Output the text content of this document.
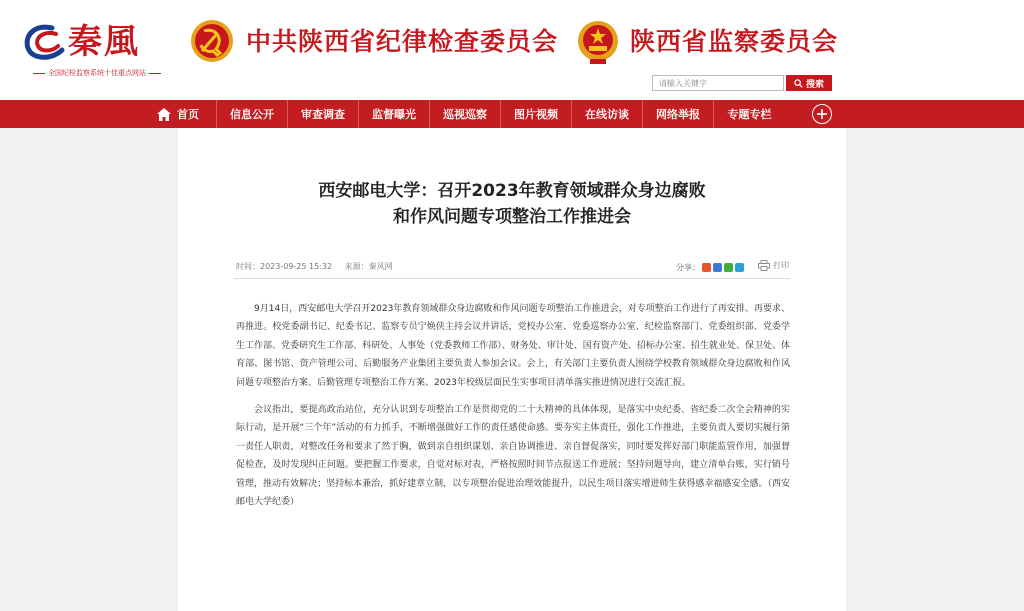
秦風
全国纪检监察系统十佳重点网站
中共陕西省纪律检查委员会	陕西省监察委员会
请输入关键字
搜索
首页	信息公开	审查调查	监督曝光	巡视巡察	图片视频	在线访谈	网络举报	专题专栏
西安邮电大学：召开2023年教育领域群众身边腐败
和作风问题专项整治工作推进会
时间：2023-09-25 15:32 来源：秦风网	分享：	打印

9月14日，西安邮电大学召开2023年教育领域群众身边腐败和作风问题专项整治工作推进会，对专项整治工作进行了再安排、再要求、再推进。校党委副书记、纪委书记、监察专员宁焕侠主持会议并讲话，党校办公室、党委巡察办公室、纪检监察部门、党委组织部、党委学生工作部、党委研究生工作部、科研处、人事处（党委教师工作部）、财务处、审计处、国有资产处、招标办公室、招生就业处、保卫处、体育部、图书馆、资产管理公司、后勤服务产业集团主要负责人参加会议。会上，有关部门主要负责人围绕学校教育领域群众身边腐败和作风问题专项整治方案、后勤管理专项整治工作方案、2023年校级层面民生实事项目清单落实推进情况进行交流汇报。

会议指出，要提高政治站位，充分认识到专项整治工作是贯彻党的二十大精神的具体体现，是落实中央纪委、省纪委二次全会精神的实际行动，是开展“三个年”活动的有力抓手，不断增强做好工作的责任感使命感。要夯实主体责任，强化工作推进，主要负责人要切实履行第一责任人职责，对整改任务和要求了然于胸，做到亲自组织谋划、亲自协调推进、亲自督促落实，同时要发挥好部门职能监管作用，加强督促检查，及时发现纠正问题。要把握工作要求，自觉对标对表，严格按照时间节点报送工作进展；坚持问题导向，建立清单台账，实行销号管理，推动有效解决；坚持标本兼治，抓好建章立制，以专项整治促进治理效能提升，以民生项目落实增进师生获得感幸福感安全感。（西安邮电大学纪委）
